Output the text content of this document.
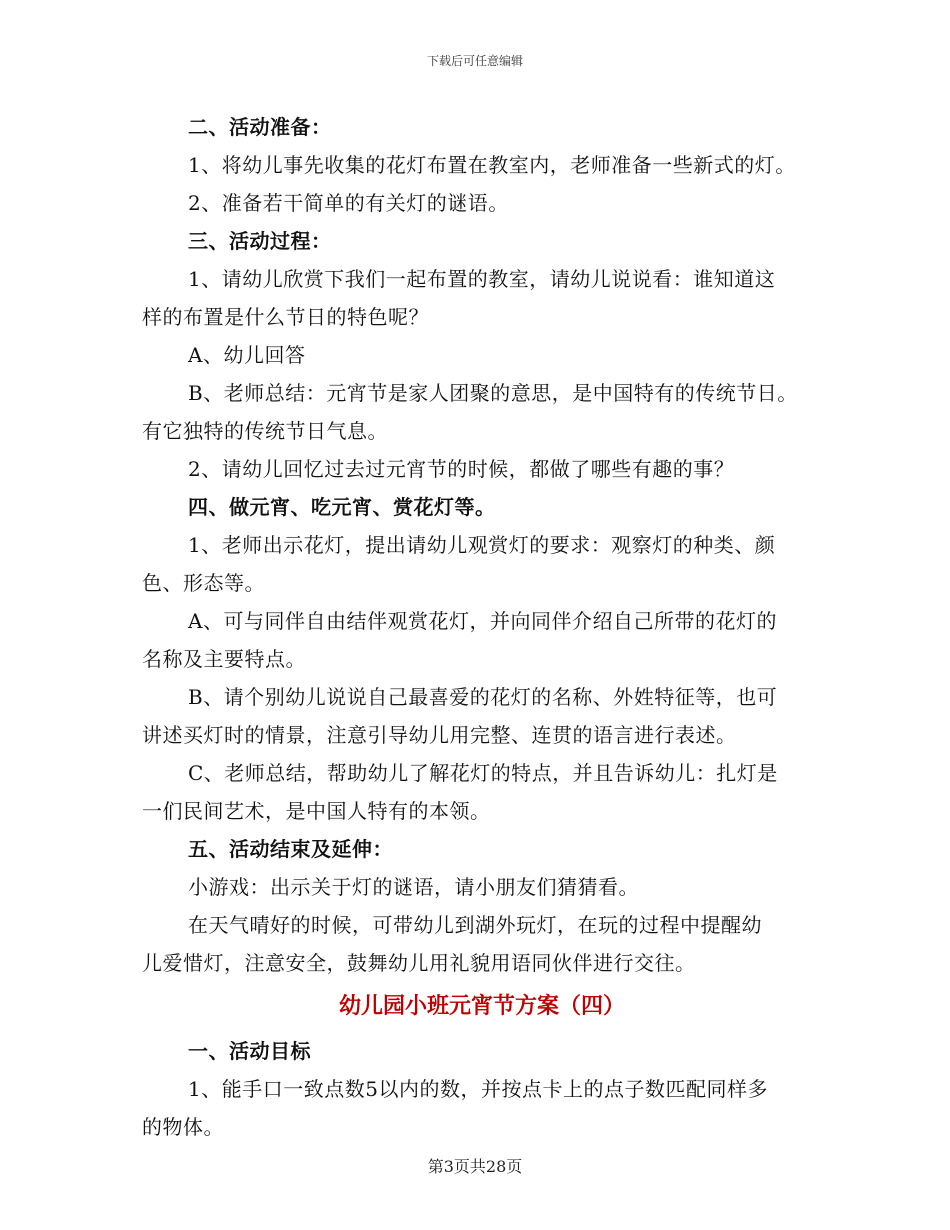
下载后可任意编辑
二、活动准备：
1、将幼儿事先收集的花灯布置在教室内，老师准备一些新式的灯。
2、准备若干简单的有关灯的谜语。
三、活动过程：
1、请幼儿欣赏下我们一起布置的教室，请幼儿说说看：谁知道这
样的布置是什么节日的特色呢？
A、幼儿回答
B、老师总结：元宵节是家人团聚的意思，是中国特有的传统节日。
有它独特的传统节日气息。
2、请幼儿回忆过去过元宵节的时候，都做了哪些有趣的事？
四、做元宵、吃元宵、赏花灯等。
1、老师出示花灯，提出请幼儿观赏灯的要求：观察灯的种类、颜
色、形态等。
A、可与同伴自由结伴观赏花灯，并向同伴介绍自己所带的花灯的
名称及主要特点。
B、请个别幼儿说说自己最喜爱的花灯的名称、外姓特征等，也可
讲述买灯时的情景，注意引导幼儿用完整、连贯的语言进行表述。
C、老师总结，帮助幼儿了解花灯的特点，并且告诉幼儿：扎灯是
一们民间艺术，是中国人特有的本领。
五、活动结束及延伸：
小游戏：出示关于灯的谜语，请小朋友们猜猜看。
在天气晴好的时候，可带幼儿到湖外玩灯，在玩的过程中提醒幼
儿爱惜灯，注意安全，鼓舞幼儿用礼貌用语同伙伴进行交往。
幼儿园小班元宵节方案（四）
一、活动目标
1、能手口一致点数5以内的数，并按点卡上的点子数匹配同样多
的物体。
第3页共28页
